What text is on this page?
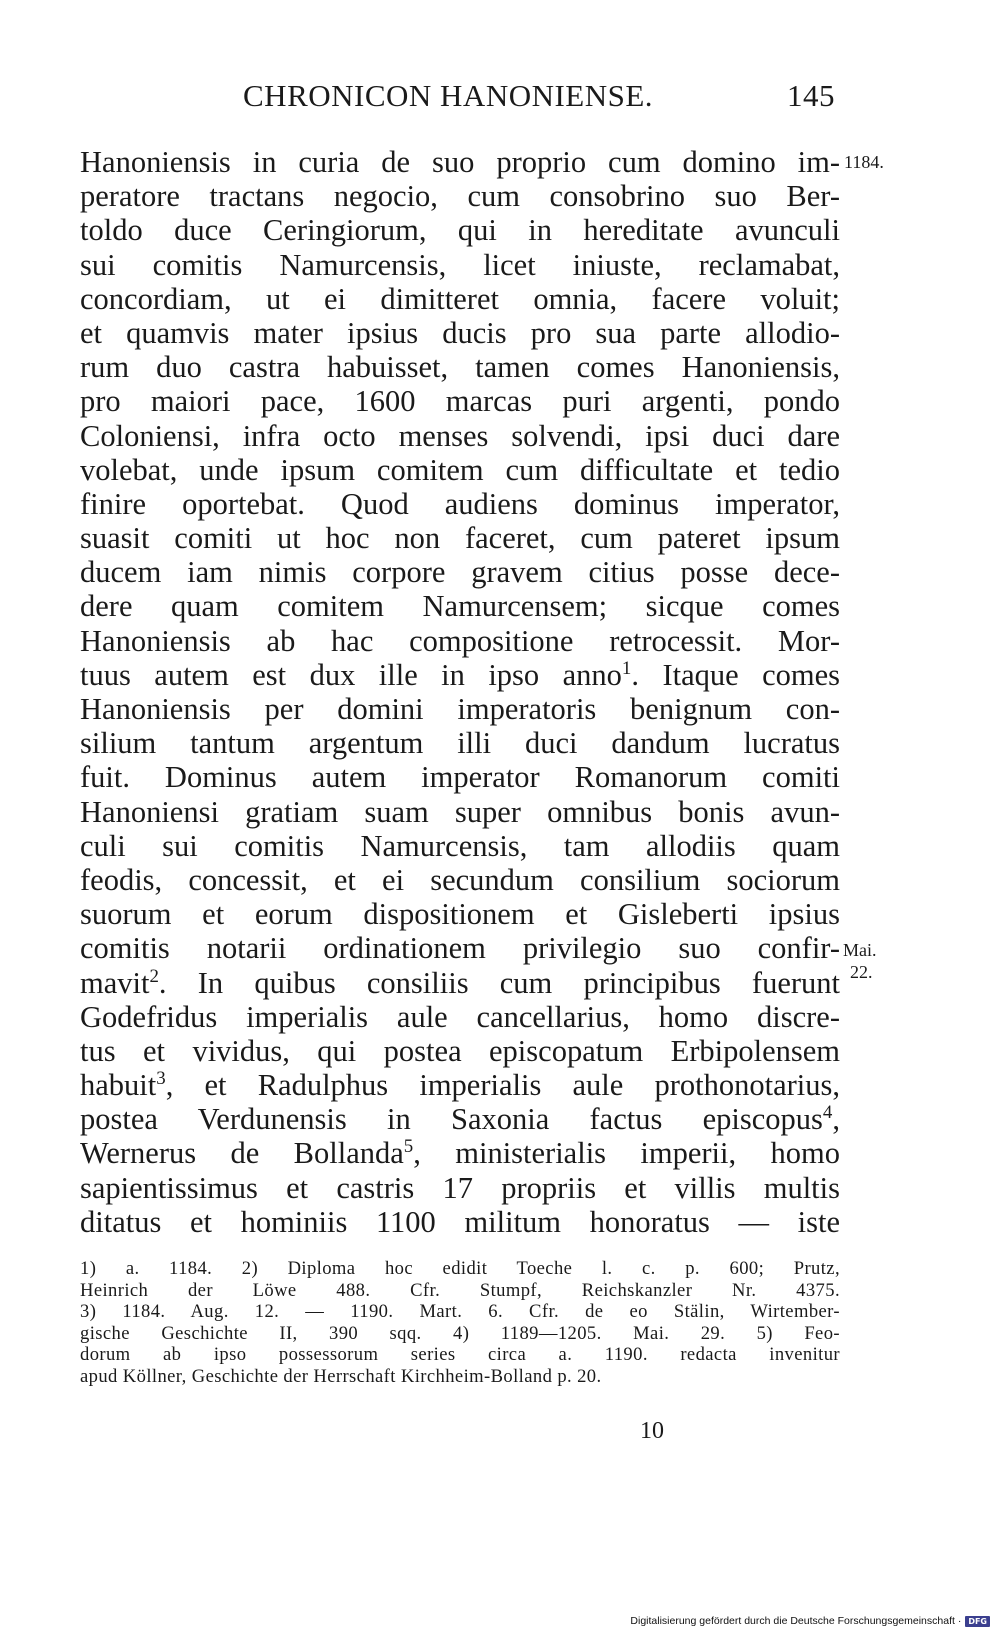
CHRONICON HANONIENSE.	145
Hanoniensis in curia de suo proprio cum domino im-
peratore tractans negocio, cum consobrino suo Ber-
toldo duce Ceringiorum, qui in hereditate avunculi
sui comitis Namurcensis, licet iniuste, reclamabat,
concordiam, ut ei dimitteret omnia, facere voluit;
et quamvis mater ipsius ducis pro sua parte allodio-
rum duo castra habuisset, tamen comes Hanoniensis,
pro maiori pace, 1600 marcas puri argenti, pondo
Coloniensi, infra octo menses solvendi, ipsi duci dare
volebat, unde ipsum comitem cum difficultate et tedio
finire oportebat. Quod audiens dominus imperator,
suasit comiti ut hoc non faceret, cum pateret ipsum
ducem iam nimis corpore gravem citius posse dece-
dere quam comitem Namurcensem; sicque comes
Hanoniensis ab hac compositione retrocessit. Mor-
tuus autem est dux ille in ipso anno$^1$. Itaque comes
Hanoniensis per domini imperatoris benignum con-
silium tantum argentum illi duci dandum lucratus
fuit. Dominus autem imperator Romanorum comiti
Hanoniensi gratiam suam super omnibus bonis avun-
culi sui comitis Namurcensis, tam allodiis quam
feodis, concessit, et ei secundum consilium sociorum
suorum et eorum dispositionem et Gisleberti ipsius
comitis notarii ordinationem privilegio suo confir-
mavit$^2$. In quibus consiliis cum principibus fuerunt
Godefridus imperialis aule cancellarius, homo discre-
tus et vividus, qui postea episcopatum Erbipolensem
habuit$^3$, et Radulphus imperialis aule prothonotarius,
postea Verdunensis in Saxonia factus episcopus$^4$,
Wernerus de Bollanda$^5$, ministerialis imperii, homo
sapientissimus et castris 17 propriis et villis multis
ditatus et hominiis 1100 militum honoratus — iste
1184.
Mai.
22.
1) a. 1184. 2) Diploma hoc edidit Toeche l. c. p. 600; Prutz,
Heinrich der Löwe 488. Cfr. Stumpf, Reichskanzler Nr. 4375.
3) 1184. Aug. 12. — 1190. Mart. 6. Cfr. de eo Stälin, Wirtember-
gische Geschichte II, 390 sqq. 4) 1189—1205. Mai. 29. 5) Feo-
dorum ab ipso possessorum series circa a. 1190. redacta invenitur
apud Köllner, Geschichte der Herrschaft Kirchheim-Bolland p. 20.
10
Digitalisierung gefördert durch die Deutsche Forschungsgemeinschaft · DFG
